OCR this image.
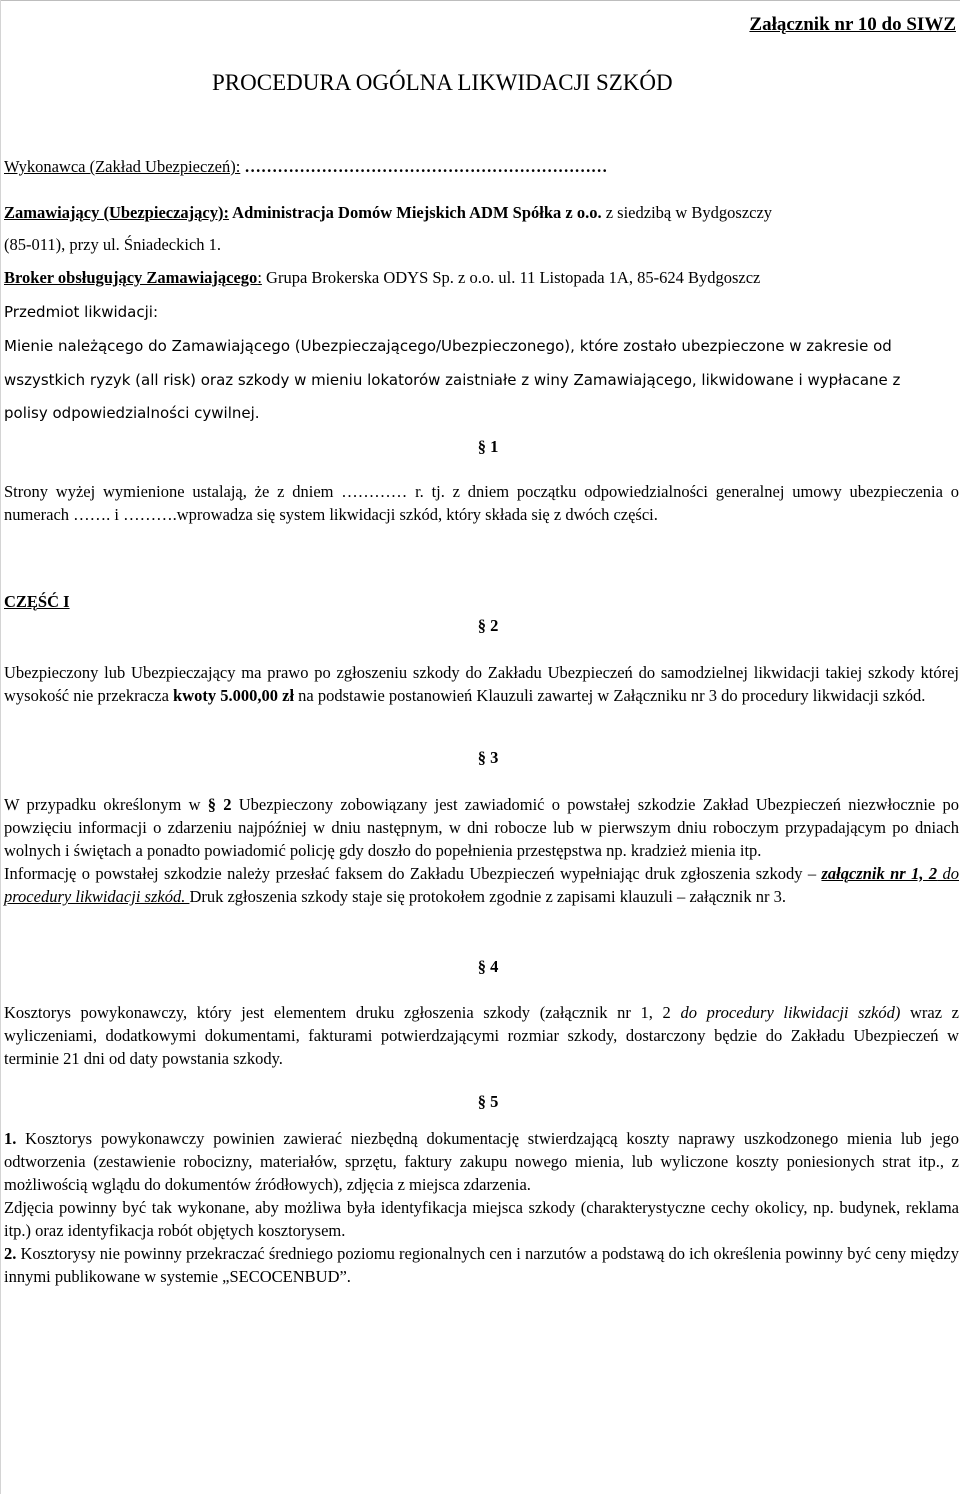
Załącznik nr 10 do SIWZ
PROCEDURA OGÓLNA LIKWIDACJI SZKÓD
Wykonawca (Zakład Ubezpieczeń): …………………………………………………………
Zamawiający (Ubezpieczający): Administracja Domów Miejskich ADM Spółka z o.o. z siedzibą w Bydgoszczy
(85-011), przy ul. Śniadeckich 1.
Broker obsługujący Zamawiającego: Grupa Brokerska ODYS Sp. z o.o. ul. 11 Listopada 1A, 85-624 Bydgoszcz
Przedmiot likwidacji:
Mienie należącego do Zamawiającego (Ubezpieczającego/Ubezpieczonego), które zostało ubezpieczone w zakresie od
wszystkich ryzyk (all risk) oraz szkody w mieniu lokatorów zaistniałe z winy Zamawiającego, likwidowane i wypłacane z
polisy odpowiedzialności cywilnej.
§ 1
Strony wyżej wymienione ustalają, że z dniem ………… r. tj. z dniem początku odpowiedzialności generalnej umowy ubezpieczenia o numerach ……. i ……….wprowadza się system likwidacji szkód, który składa się z dwóch części.
CZĘŚĆ I
§ 2
Ubezpieczony lub Ubezpieczający ma prawo po zgłoszeniu szkody do Zakładu Ubezpieczeń do samodzielnej likwidacji takiej szkody której wysokość nie przekracza kwoty 5.000,00 zł na podstawie postanowień Klauzuli zawartej w Załączniku nr 3 do procedury likwidacji szkód.
§ 3
W przypadku określonym w § 2 Ubezpieczony zobowiązany jest zawiadomić o powstałej szkodzie Zakład Ubezpieczeń niezwłocznie po powzięciu informacji o zdarzeniu najpóźniej w dniu następnym, w dni robocze lub w pierwszym dniu roboczym przypadającym po dniach wolnych i świętach a ponadto powiadomić policję gdy doszło do popełnienia przestępstwa np. kradzież mienia itp.
Informację o powstałej szkodzie należy przesłać faksem do Zakładu Ubezpieczeń wypełniając druk zgłoszenia szkody – załącznik nr 1, 2 do procedury likwidacji szkód. Druk zgłoszenia szkody staje się protokołem zgodnie z zapisami klauzuli – załącznik nr 3.
§ 4
Kosztorys powykonawczy, który jest elementem druku zgłoszenia szkody (załącznik nr 1, 2 do procedury likwidacji szkód) wraz z wyliczeniami, dodatkowymi dokumentami, fakturami potwierdzającymi rozmiar szkody, dostarczony będzie do Zakładu Ubezpieczeń w terminie 21 dni od daty powstania szkody.
§ 5
1. Kosztorys powykonawczy powinien zawierać niezbędną dokumentację stwierdzającą koszty naprawy uszkodzonego mienia lub jego odtworzenia (zestawienie robocizny, materiałów, sprzętu, faktury zakupu nowego mienia, lub wyliczone koszty poniesionych strat itp., z możliwością wglądu do dokumentów źródłowych), zdjęcia z miejsca zdarzenia.
Zdjęcia powinny być tak wykonane, aby możliwa była identyfikacja miejsca szkody (charakterystyczne cechy okolicy, np. budynek, reklama itp.) oraz identyfikacja robót objętych kosztorysem.
2. Kosztorysy nie powinny przekraczać średniego poziomu regionalnych cen i narzutów a podstawą do ich określenia powinny być ceny między innymi publikowane w systemie „SECOCENBUD”.
